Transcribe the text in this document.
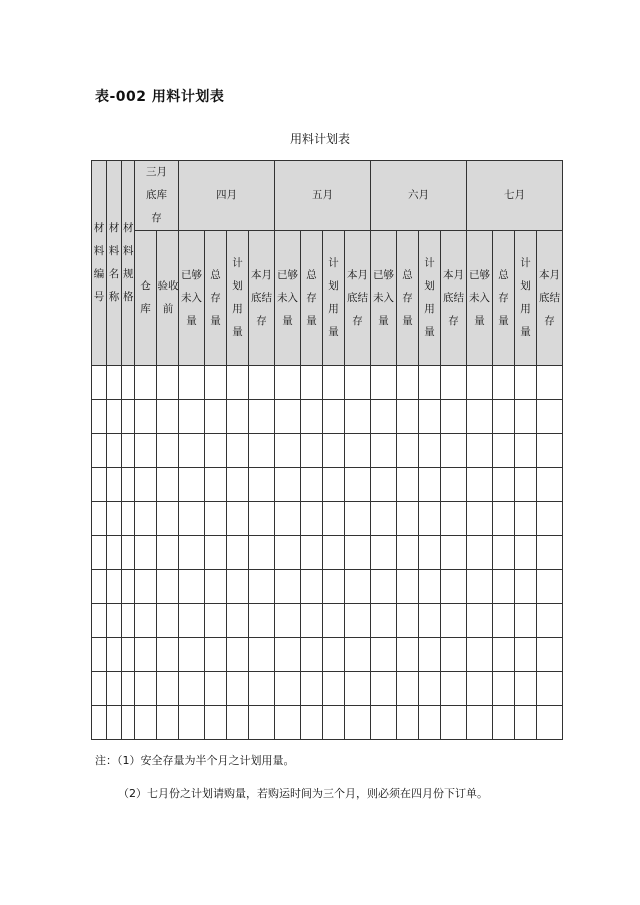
表-002 用料计划表
用料计划表
材料编号	材料名称	材料规格	三月底库存		四月				五月				六月				七月			
			仓库	验收前	已够未入量	总存量	计划用量	本月底结存	已够未入量	总存量	计划用量	本月底结存	已够未入量	总存量	计划用量	本月底结存	已够未入量	总存量	计划用量	本月底结存

注：（1）安全存量为半个月之计划用量。
（2）七月份之计划请购量，若购运时间为三个月，则必须在四月份下订单。
